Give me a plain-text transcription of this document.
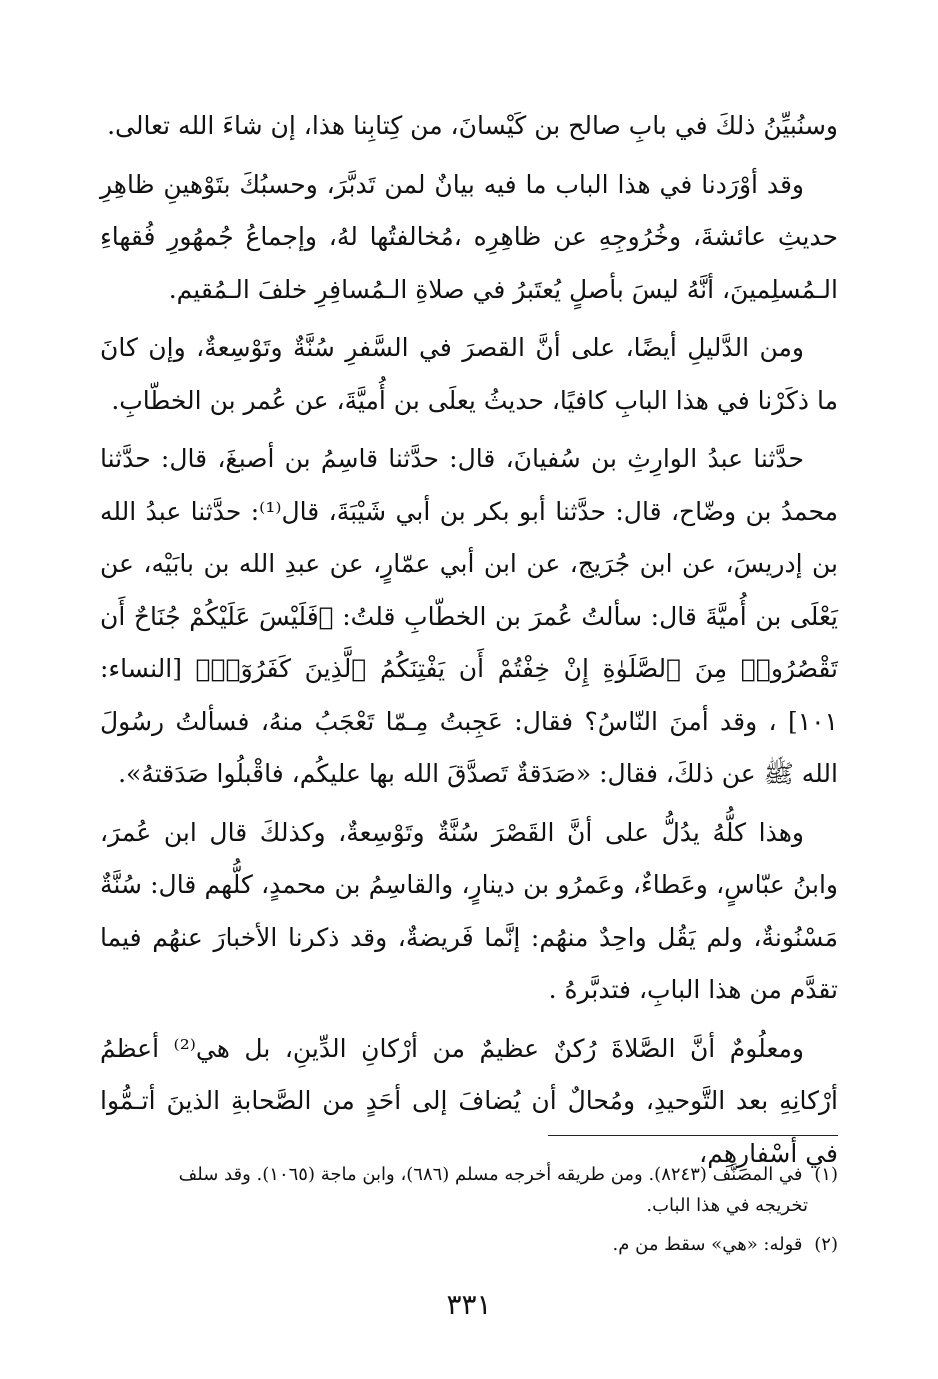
وسنُبيِّنُ ذلكَ في بابِ صالح بن كَيْسانَ، من كِتابِنا هذا، إن شاءَ الله تعالى.

وقد أوْرَدنا في هذا الباب ما فيه بيانٌ لمن تَدبَّرَ، وحسبُكَ بتَوْهينِ ظاهِرِ حديثِ عائشةَ، وخُرُوجِهِ عن ظاهِرِه ،مُخالفتُها لهُ، وإجماعُ جُمهُورِ فُقهاءِ الـمُسلِمينَ، أنَّهُ ليسَ بأصلٍ يُعتَبرُ في صلاةِ الـمُسافِرِ خلفَ الـمُقيم.

ومن الدَّليلِ أيضًا، على أنَّ القصرَ في السَّفرِ سُنَّةٌ وتَوْسِعةٌ، وإن كانَ ما ذكَرْنا في هذا البابِ كافيًا، حديثُ يعلَى بن أُميَّةَ، عن عُمر بن الخطّابِ.

حدَّثنا عبدُ الوارِثِ بن سُفيانَ، قال: حدَّثنا قاسِمُ بن أصبغَ، قال: حدَّثنا محمدُ بن وضّاح، قال: حدَّثنا أبو بكر بن أبي شَيْبَةَ، قال⁽¹⁾: حدَّثنا عبدُ الله بن إدريسَ، عن ابن جُرَيج، عن ابن أبي عمّارٍ، عن عبدِ الله بن بابَيْه، عن يَعْلَى بن أُميَّةَ قال: سألتُ عُمرَ بن الخطّابِ قلتُ: ﴿فَلَيْسَ عَلَيْكُمْ جُنَاحٌ أَن تَقْصُرُوا۟ مِنَ ٱلصَّلَوٰةِ إِنْ خِفْتُمْ أَن يَفْتِنَكُمُ ٱلَّذِينَ كَفَرُوٓا۟﴾ [النساء: ١٠١] ، وقد أمنَ النّاسُ؟ فقال: عَجِبتُ مِـمّا تَعْجَبُ منهُ، فسألتُ رسُولَ الله ﷺ عن ذلكَ، فقال: «صَدَقةٌ تَصدَّقَ الله بها عليكُم، فاقْبلُوا صَدَقتهُ».

وهذا كلُّهُ يدُلُّ على أنَّ القَصْرَ سُنَّةٌ وتَوْسِعةٌ، وكذلكَ قال ابن عُمرَ، وابنُ عبّاسٍ، وعَطاءٌ، وعَمرُو بن دينارٍ، والقاسِمُ بن محمدٍ، كلُّهم قال: سُنَّةٌ مَسْنُونةٌ، ولم يَقُل واحِدٌ منهُم: إنَّما فَريضةٌ، وقد ذكرنا الأخبارَ عنهُم فيما تقدَّم من هذا البابِ، فتدبَّرهُ .

ومعلُومٌ أنَّ الصَّلاةَ رُكنٌ عظيمٌ من أرْكانِ الدِّينِ، بل هي⁽²⁾ أعظمُ أرْكانِهِ بعد التَّوحيدِ، ومُحالٌ أن يُضافَ إلى أحَدٍ من الصَّحابةِ الذينَ أتـمُّوا في أسْفارِهِم،

(١) في المصنَّف (٨٢٤٣). ومن طريقه أخرجه مسلم (٦٨٦)، وابن ماجة (١٠٦٥). وقد سلف
تخريجه في هذا الباب.

(٢) قوله: «هي» سقط من م.

٣٣١
